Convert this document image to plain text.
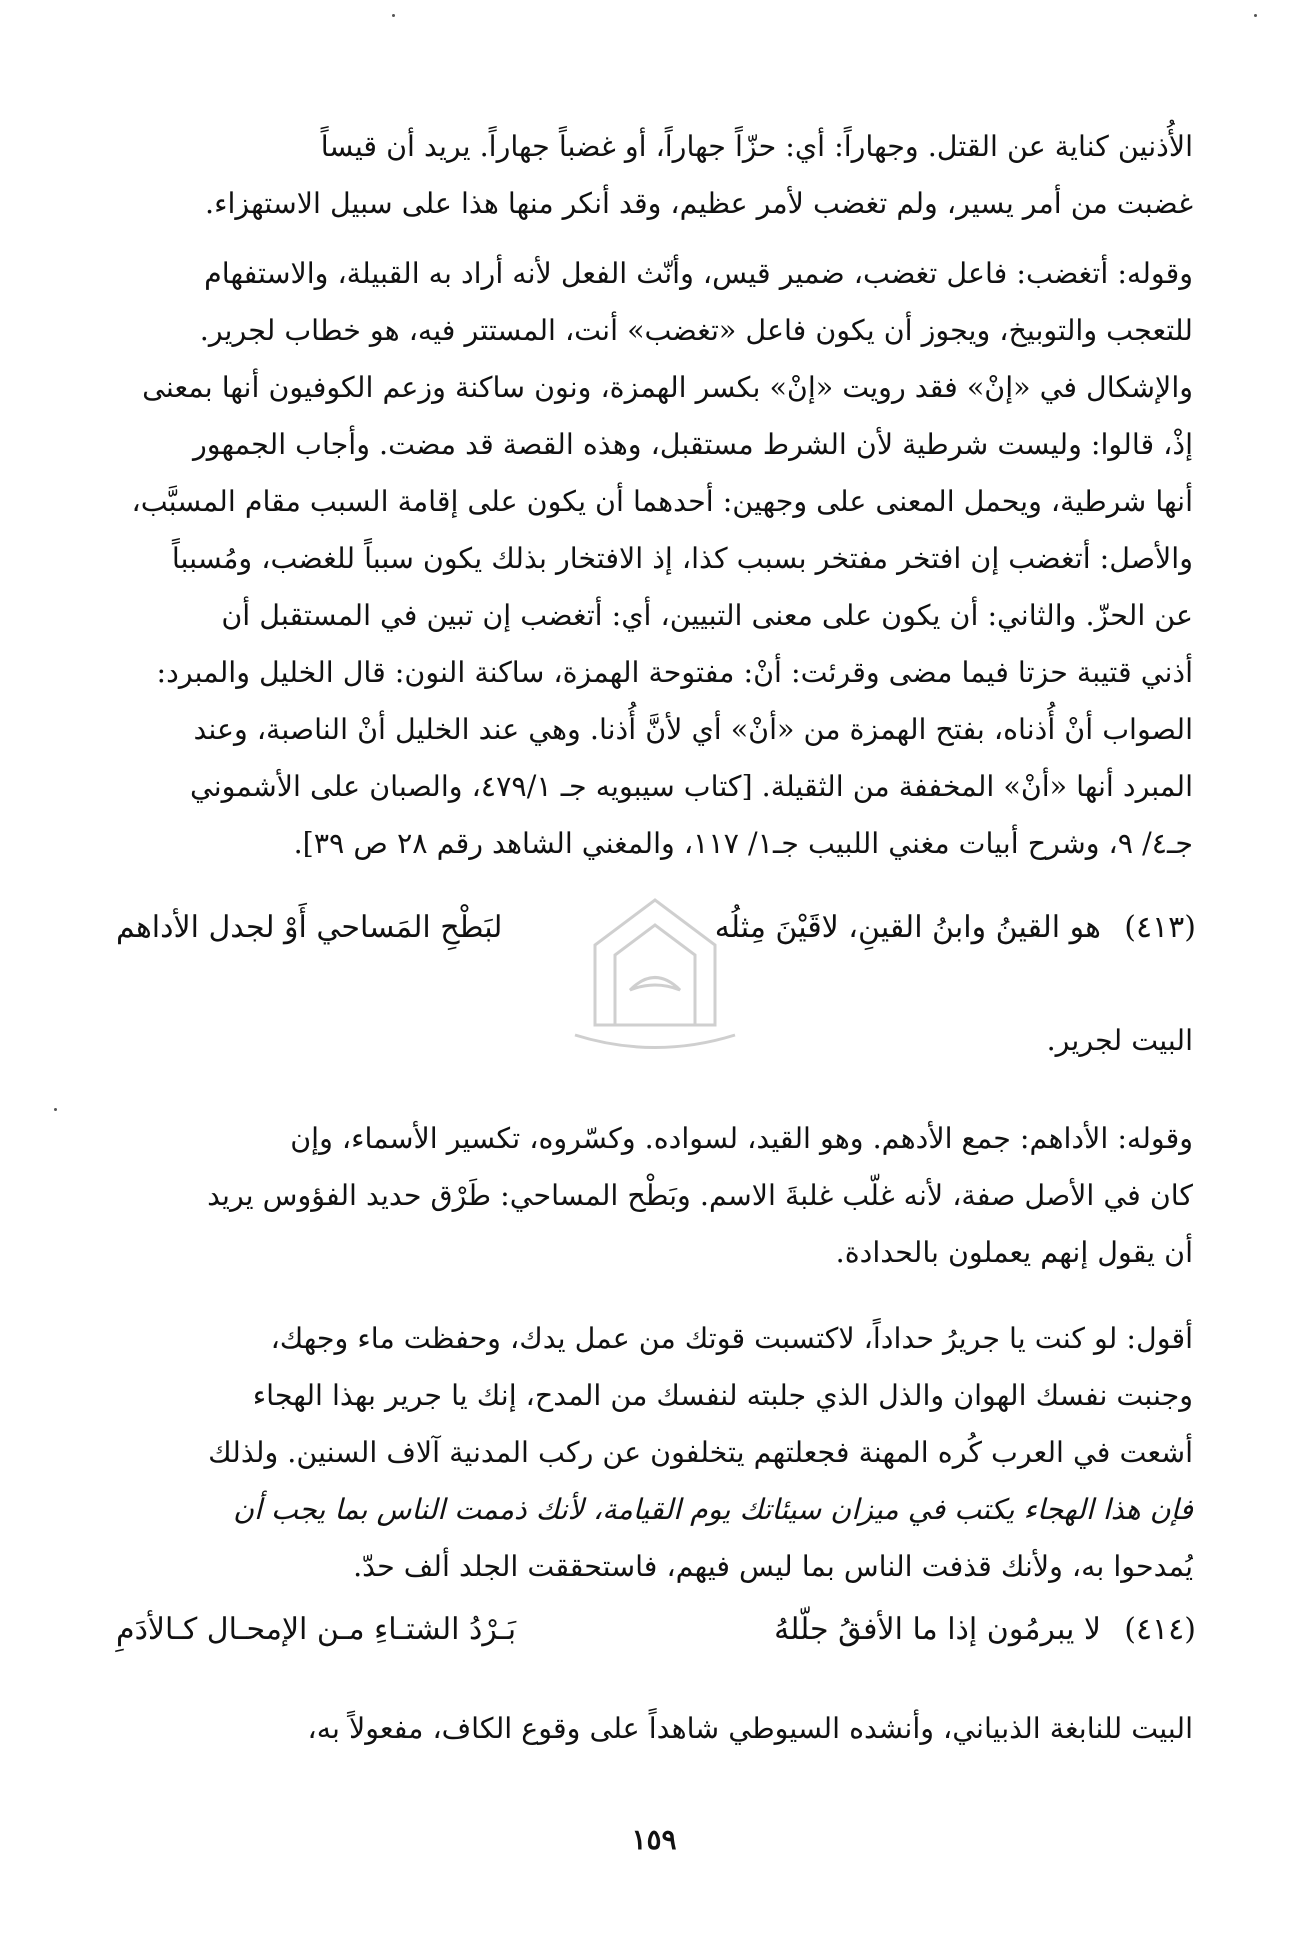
الأُذنين كناية عن القتل. وجهاراً: أي: حزّاً جهاراً، أو غضباً جهاراً. يريد أن قيساً
غضبت من أمر يسير، ولم تغضب لأمر عظيم، وقد أنكر منها هذا على سبيل الاستهزاء.
وقوله: أتغضب: فاعل تغضب، ضمير قيس، وأنّث الفعل لأنه أراد به القبيلة، والاستفهام
للتعجب والتوبيخ، ويجوز أن يكون فاعل «تغضب» أنت، المستتر فيه، هو خطاب لجرير.
والإشكال في «إنْ» فقد رويت «إنْ» بكسر الهمزة، ونون ساكنة وزعم الكوفيون أنها بمعنى
إذْ، قالوا: وليست شرطية لأن الشرط مستقبل، وهذه القصة قد مضت. وأجاب الجمهور
أنها شرطية، ويحمل المعنى على وجهين: أحدهما أن يكون على إقامة السبب مقام المسبَّب،
والأصل: أتغضب إن افتخر مفتخر بسبب كذا، إذ الافتخار بذلك يكون سبباً للغضب، ومُسبباً
عن الحزّ. والثاني: أن يكون على معنى التبيين، أي: أتغضب إن تبين في المستقبل أن
أذني قتيبة حزتا فيما مضى وقرئت: أنْ: مفتوحة الهمزة، ساكنة النون: قال الخليل والمبرد:
الصواب أنْ أُذناه، بفتح الهمزة من «أنْ» أي لأنَّ أُذنا. وهي عند الخليل أنْ الناصبة، وعند
المبرد أنها «أنْ» المخففة من الثقيلة. [كتاب سيبويه جـ ٤٧٩/١، والصبان على الأشموني
جـ٤/ ٩، وشرح أبيات مغني اللبيب جـ١/ ١١٧، والمغني الشاهد رقم ٢٨ ص ٣٩].
(٤١٣)
هو القينُ وابنُ القينِ، لاقَيْنَ مِثلُه
لبَطْحِ المَساحي أَوْ لجدل الأداهم
البيت لجرير.
وقوله: الأداهم: جمع الأدهم. وهو القيد، لسواده. وكسّروه، تكسير الأسماء، وإن
كان في الأصل صفة، لأنه غلّب غلبةَ الاسم. وبَطْح المساحي: طَرْق حديد الفؤوس يريد
أن يقول إنهم يعملون بالحدادة.
أقول: لو كنت يا جريرُ حداداً، لاكتسبت قوتك من عمل يدك، وحفظت ماء وجهك،
وجنبت نفسك الهوان والذل الذي جلبته لنفسك من المدح، إنك يا جرير بهذا الهجاء
أشعت في العرب كُره المهنة فجعلتهم يتخلفون عن ركب المدنية آلاف السنين. ولذلك
فإن هذا الهجاء يكتب في ميزان سيئاتك يوم القيامة، لأنك ذممت الناس بما يجب أن
يُمدحوا به، ولأنك قذفت الناس بما ليس فيهم، فاستحققت الجلد ألف حدّ.
(٤١٤)
لا يبرمُون إذا ما الأفقُ جلّلهُ
بَـرْدُ الشتـاءِ مـن الإمحـال كـالأدَمِ
البيت للنابغة الذبياني، وأنشده السيوطي شاهداً على وقوع الكاف، مفعولاً به،
١٥٩
